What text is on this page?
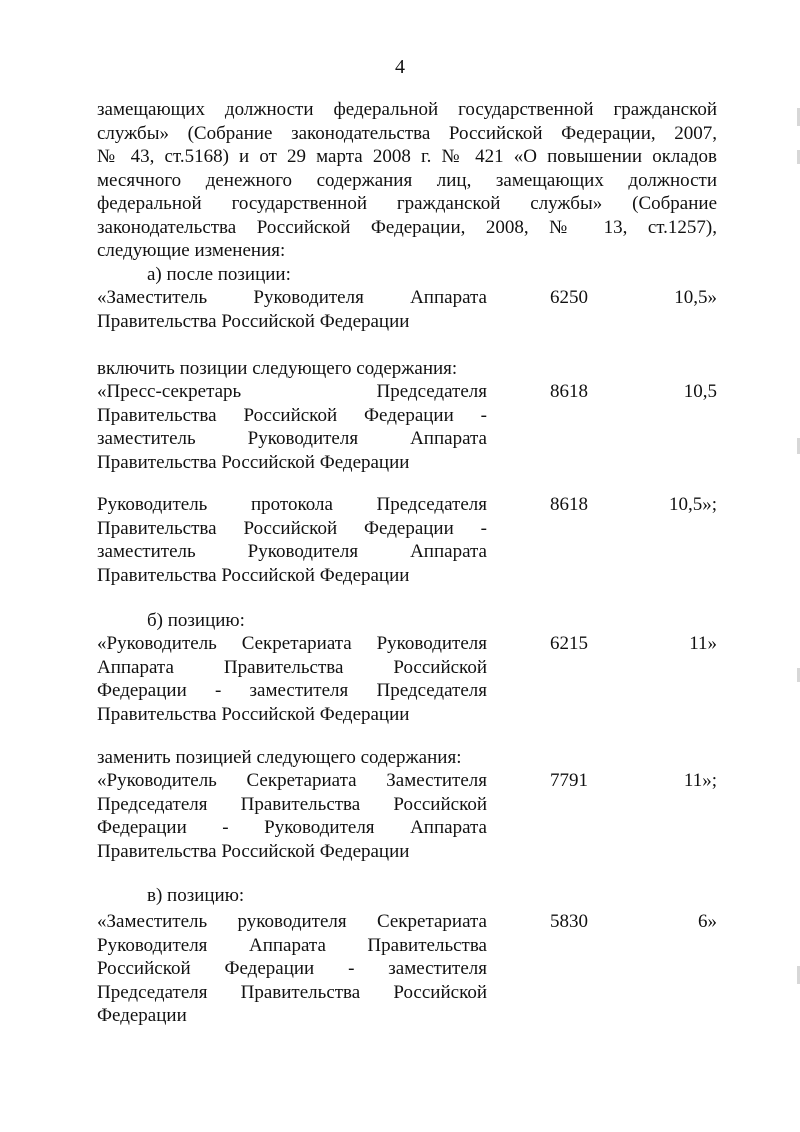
4
замещающих должности федеральной государственной гражданской
службы» (Собрание законодательства Российской Федерации, 2007,
№ 43, ст.5168) и от 29 марта 2008 г. № 421 «О повышении окладов
месячного денежного содержания лиц, замещающих должности
федеральной государственной гражданской службы» (Собрание
законодательства Российской Федерации, 2008, № 13, ст.1257),
следующие изменения:
а) после позиции:
«Заместитель Руководителя Аппарата
Правительства Российской Федерации
6250	10,5»
включить позиции следующего содержания:
«Пресс-секретарь Председателя
Правительства Российской Федерации -
заместитель Руководителя Аппарата
Правительства Российской Федерации
8618	10,5
Руководитель протокола Председателя
Правительства Российской Федерации -
заместитель Руководителя Аппарата
Правительства Российской Федерации
8618	10,5»;
б) позицию:
«Руководитель Секретариата Руководителя
Аппарата Правительства Российской
Федерации - заместителя Председателя
Правительства Российской Федерации
6215	11»
заменить позицией следующего содержания:
«Руководитель Секретариата Заместителя
Председателя Правительства Российской
Федерации - Руководителя Аппарата
Правительства Российской Федерации
7791	11»;
в) позицию:
«Заместитель руководителя Секретариата
Руководителя Аппарата Правительства
Российской Федерации - заместителя
Председателя Правительства Российской
Федерации
5830	6»
